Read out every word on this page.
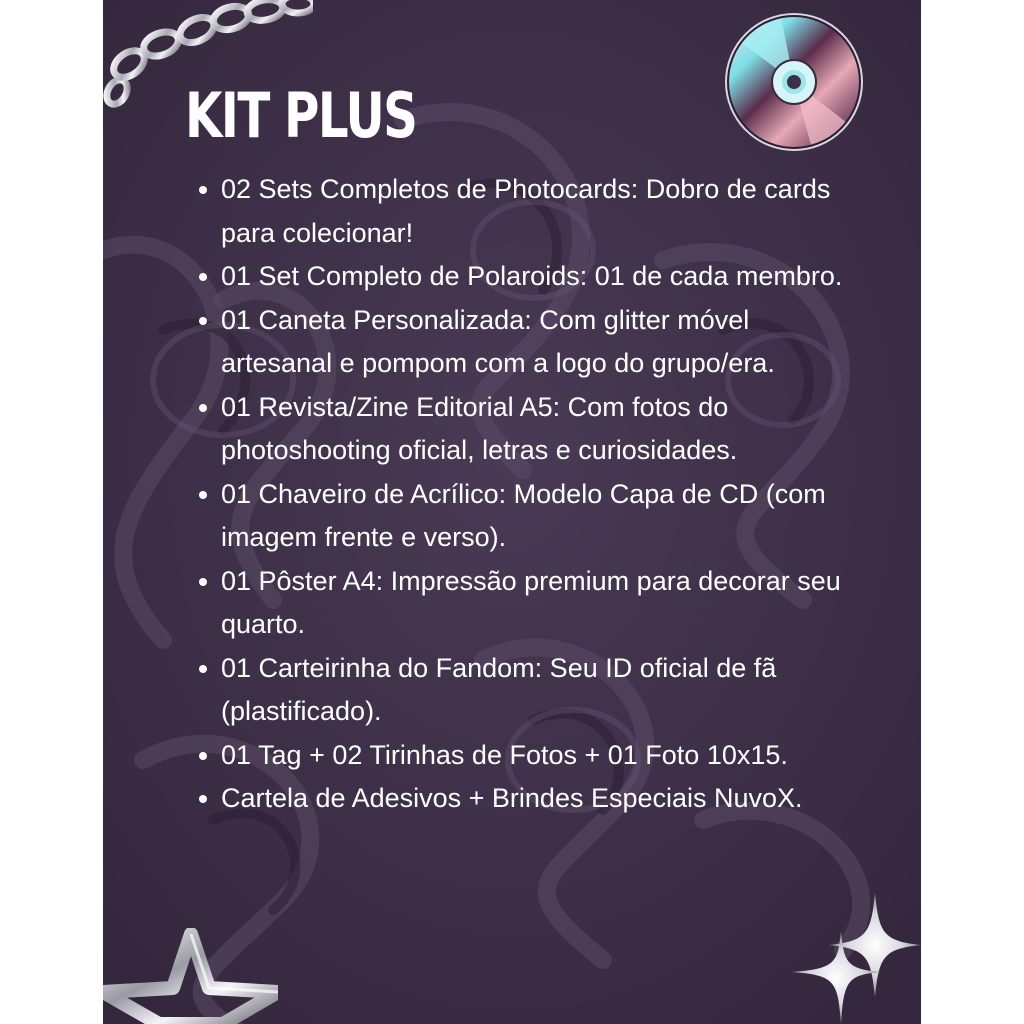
KIT PLUS
02 Sets Completos de Photocards: Dobro de cards para colecionar!
01 Set Completo de Polaroids: 01 de cada membro.
01 Caneta Personalizada: Com glitter móvel artesanal e pompom com a logo do grupo/era.
01 Revista/Zine Editorial A5: Com fotos do photoshooting oficial, letras e curiosidades.
01 Chaveiro de Acrílico: Modelo Capa de CD (com imagem frente e verso).
01 Pôster A4: Impressão premium para decorar seu quarto.
01 Carteirinha do Fandom: Seu ID oficial de fã (plastificado).
01 Tag + 02 Tirinhas de Fotos + 01 Foto 10x15.
Cartela de Adesivos + Brindes Especiais NuvoX.
